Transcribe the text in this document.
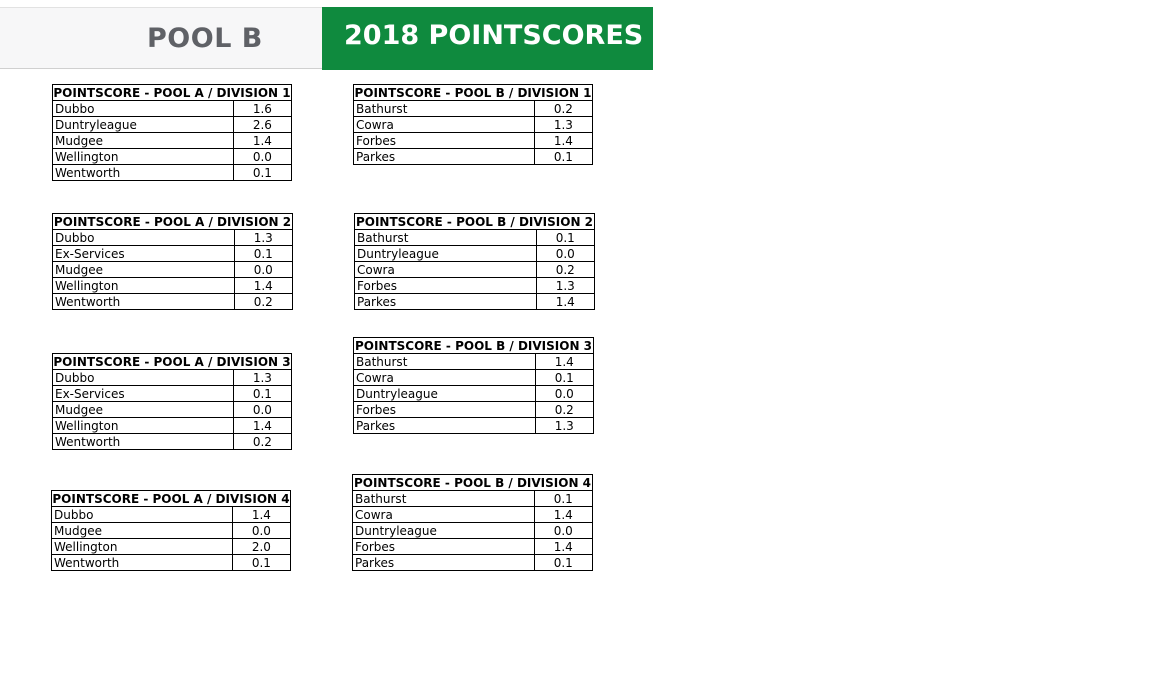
POOL B	2018 POINTSCORES
POINTSCORE - POOL A / DIVISION 1	
Dubbo	1.6
Duntryleague	2.6
Mudgee	1.4
Wellington	0.0
Wentworth	0.1
POINTSCORE - POOL B / DIVISION 1	
Bathurst	0.2
Cowra	1.3
Forbes	1.4
Parkes	0.1
POINTSCORE - POOL A / DIVISION 2	
Dubbo	1.3
Ex-Services	0.1
Mudgee	0.0
Wellington	1.4
Wentworth	0.2
POINTSCORE - POOL B / DIVISION 2	
Bathurst	0.1
Duntryleague	0.0
Cowra	0.2
Forbes	1.3
Parkes	1.4
POINTSCORE - POOL B / DIVISION 3	
Bathurst	1.4
Cowra	0.1
Duntryleague	0.0
Forbes	0.2
Parkes	1.3
POINTSCORE - POOL A / DIVISION 3	
Dubbo	1.3
Ex-Services	0.1
Mudgee	0.0
Wellington	1.4
Wentworth	0.2
POINTSCORE - POOL B / DIVISION 4	
Bathurst	0.1
Cowra	1.4
Duntryleague	0.0
Forbes	1.4
Parkes	0.1
POINTSCORE - POOL A / DIVISION 4	
Dubbo	1.4
Mudgee	0.0
Wellington	2.0
Wentworth	0.1
